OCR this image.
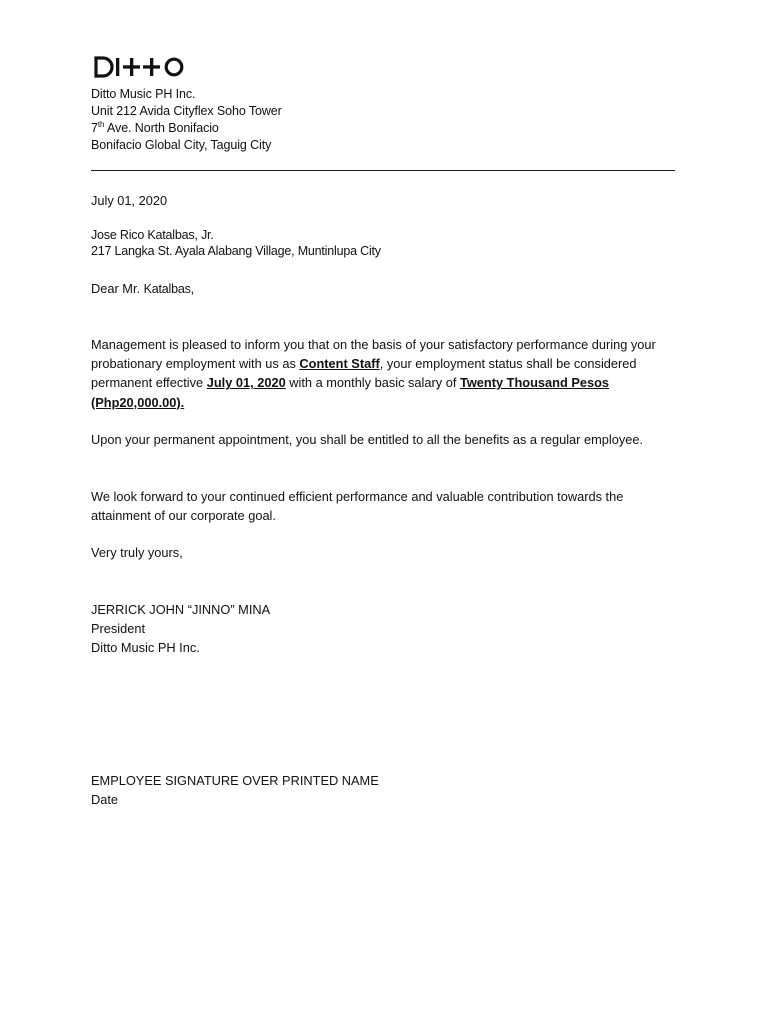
Ditto Music PH Inc.
Unit 212 Avida Cityflex Soho Tower
7th Ave. North Bonifacio
Bonifacio Global City, Taguig City
July 01, 2020
Jose Rico Katalbas, Jr.
217 Langka St. Ayala Alabang Village, Muntinlupa City
Dear Mr. Katalbas,
Management is pleased to inform you that on the basis of your satisfactory performance during your probationary employment with us as Content Staff, your employment status shall be considered permanent effective July 01, 2020 with a monthly basic salary of Twenty Thousand Pesos (Php20,000.00).
Upon your permanent appointment, you shall be entitled to all the benefits as a regular employee.
We look forward to your continued efficient performance and valuable contribution towards the attainment of our corporate goal.
Very truly yours,
JERRICK JOHN “JINNO” MINA
President
Ditto Music PH Inc.
EMPLOYEE SIGNATURE OVER PRINTED NAME
Date
